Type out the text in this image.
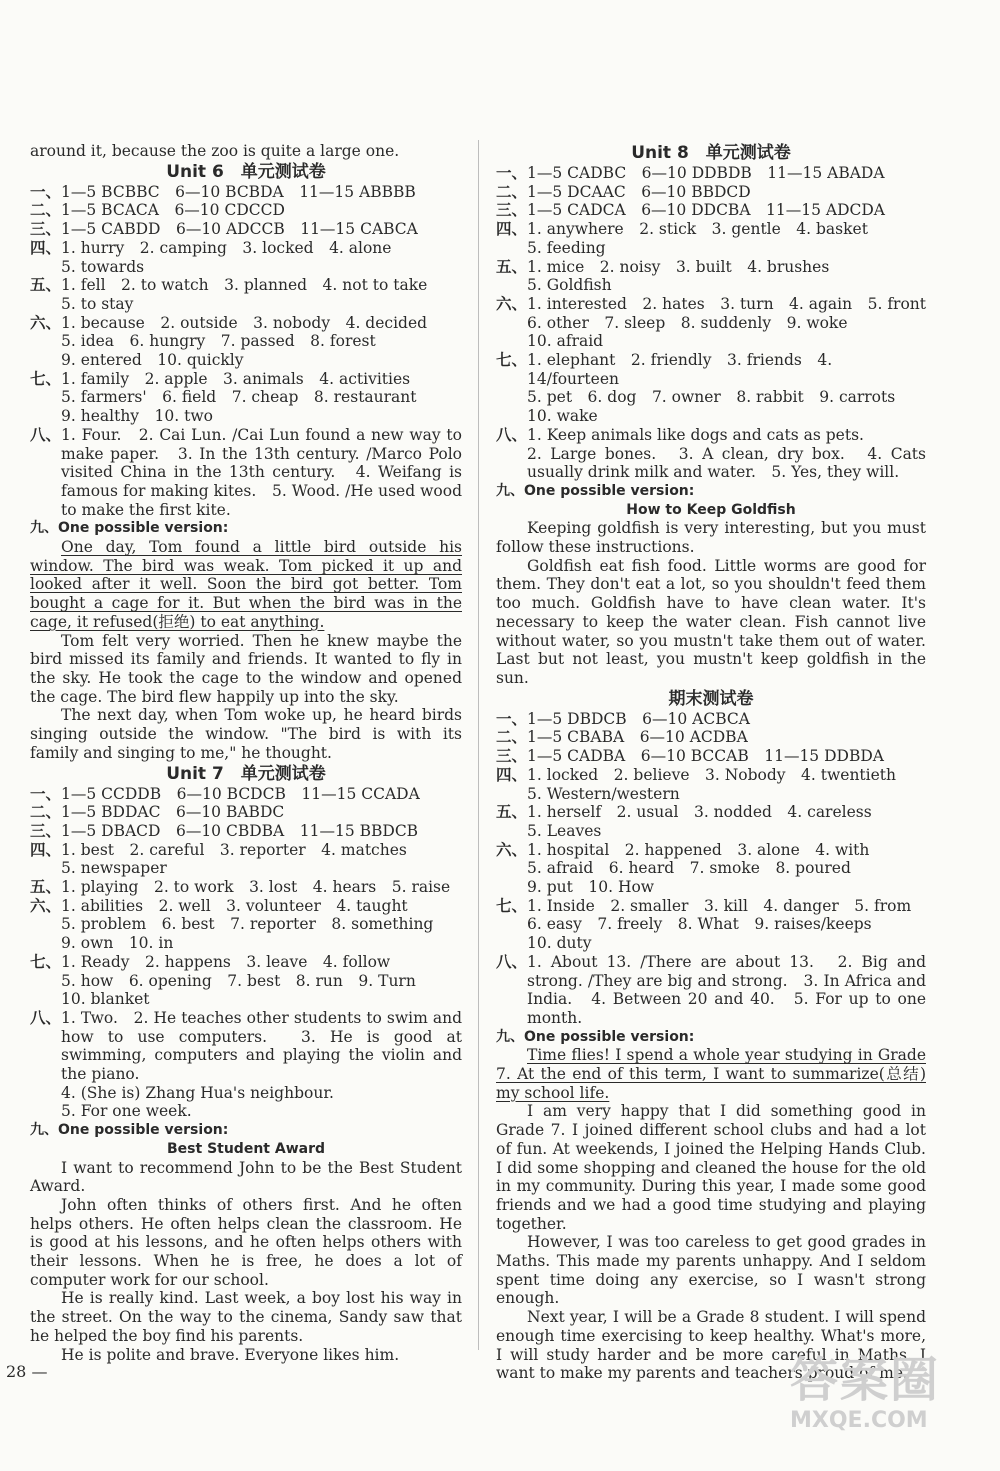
around it, because the zoo is quite a large one.

Unit 6　单元测试卷

一、 1—5 BCBBC　6—10 BCBDA　11—15 ABBBB
二、 1—5 BCACA　6—10 CDCCD
三、 1—5 CABDD　6—10 ADCCB　11—15 CABCA
四、 1. hurry　2. camping　3. locked　4. alone
5. towards
五、 1. fell　2. to watch　3. planned　4. not to take
5. to stay
六、 1. because　2. outside　3. nobody　4. decided
5. idea　6. hungry　7. passed　8. forest
9. entered　10. quickly
七、 1. family　2. apple　3. animals　4. activities
5. farmers'　6. field　7. cheap　8. restaurant
9. healthy　10. two
八、 1. Four.　2. Cai Lun. /Cai Lun found a new way to make paper.　3. In the 13th century. /Marco Polo visited China in the 13th century.　4. Weifang is famous for making kites.　5. Wood. /He used wood to make the first kite.

九、One possible version:

One day, Tom found a little bird outside his window. The bird was weak. Tom picked it up and looked after it well. Soon the bird got better. Tom bought a cage for it. But when the bird was in the cage, it refused(拒绝) to eat anything.

Tom felt very worried. Then he knew maybe the bird missed its family and friends. It wanted to fly in the sky. He took the cage to the window and opened the cage. The bird flew happily up into the sky.

The next day, when Tom woke up, he heard birds singing outside the window. "The bird is with its family and singing to me," he thought.

Unit 7　单元测试卷

一、 1—5 CCDDB　6—10 BCDCB　11—15 CCADA
二、 1—5 BDDAC　6—10 BABDC
三、 1—5 DBACD　6—10 CBDBA　11—15 BBDCB
四、 1. best　2. careful　3. reporter　4. matches
5. newspaper
五、 1. playing　2. to work　3. lost　4. hears　5. raise
六、 1. abilities　2. well　3. volunteer　4. taught
5. problem　6. best　7. reporter　8. something
9. own　10. in
七、 1. Ready　2. happens　3. leave　4. follow
5. how　6. opening　7. best　8. run　9. Turn
10. blanket
八、 1. Two.　2. He teaches other students to swim and how to use computers.　3. He is good at swimming, computers and playing the violin and the piano.
4. (She is) Zhang Hua's neighbour.
5. For one week.

九、One possible version:

Best Student Award

I want to recommend John to be the Best Student Award.

John often thinks of others first. And he often helps others. He often helps clean the classroom. He is good at his lessons, and he often helps others with their lessons. When he is free, he does a lot of computer work for our school.

He is really kind. Last week, a boy lost his way in the street. On the way to the cinema, Sandy saw that he helped the boy find his parents.

He is polite and brave. Everyone likes him.

Unit 8　单元测试卷

一、 1—5 CADBC　6—10 DDBDB　11—15 ABADA
二、 1—5 DCAAC　6—10 BBDCD
三、 1—5 CADCA　6—10 DDCBA　11—15 ADCDA
四、 1. anywhere　2. stick　3. gentle　4. basket
5. feeding
五、 1. mice　2. noisy　3. built　4. brushes
5. Goldfish
六、 1. interested　2. hates　3. turn　4. again　5. front
6. other　7. sleep　8. suddenly　9. woke
10. afraid
七、 1. elephant　2. friendly　3. friends　4. 14/fourteen
5. pet　6. dog　7. owner　8. rabbit　9. carrots
10. wake
八、 1. Keep animals like dogs and cats as pets.
2. Large bones.　3. A clean, dry box.　4. Cats usually drink milk and water.　5. Yes, they will.

九、One possible version:

How to Keep Goldfish

Keeping goldfish is very interesting, but you must follow these instructions.

Goldfish eat fish food. Little worms are good for them. They don't eat a lot, so you shouldn't feed them too much. Goldfish have to have clean water. It's necessary to keep the water clean. Fish cannot live without water, so you mustn't take them out of water. Last but not least, you mustn't keep goldfish in the sun.

期末测试卷

一、 1—5 DBDCB　6—10 ACBCA
二、 1—5 CBABA　6—10 ACDBA
三、 1—5 CADBA　6—10 BCCAB　11—15 DDBDA
四、 1. locked　2. believe　3. Nobody　4. twentieth
5. Western/western
五、 1. herself　2. usual　3. nodded　4. careless
5. Leaves
六、 1. hospital　2. happened　3. alone　4. with
5. afraid　6. heard　7. smoke　8. poured
9. put　10. How
七、 1. Inside　2. smaller　3. kill　4. danger　5. from
6. easy　7. freely　8. What　9. raises/keeps
10. duty
八、 1. About 13. /There are about 13.　2. Big and strong. /They are big and strong.　3. In Africa and India.　4. Between 20 and 40.　5. For up to one month.

九、One possible version:

Time flies! I spend a whole year studying in Grade 7. At the end of this term, I want to summarize(总结) my school life.

I am very happy that I did something good in Grade 7. I joined different school clubs and had a lot of fun. At weekends, I joined the Helping Hands Club. I did some shopping and cleaned the house for the old in my community. During this year, I made some good friends and we had a good time studying and playing together.

However, I was too careless to get good grades in Maths. This made my parents unhappy. And I seldom spent time doing any exercise, so I wasn't strong enough.

Next year, I will be a Grade 8 student. I will spend enough time exercising to keep healthy. What's more, I will study harder and be more careful in Maths. I want to make my parents and teachers proud of me.

28 —	答案圈
MXQE.COM
